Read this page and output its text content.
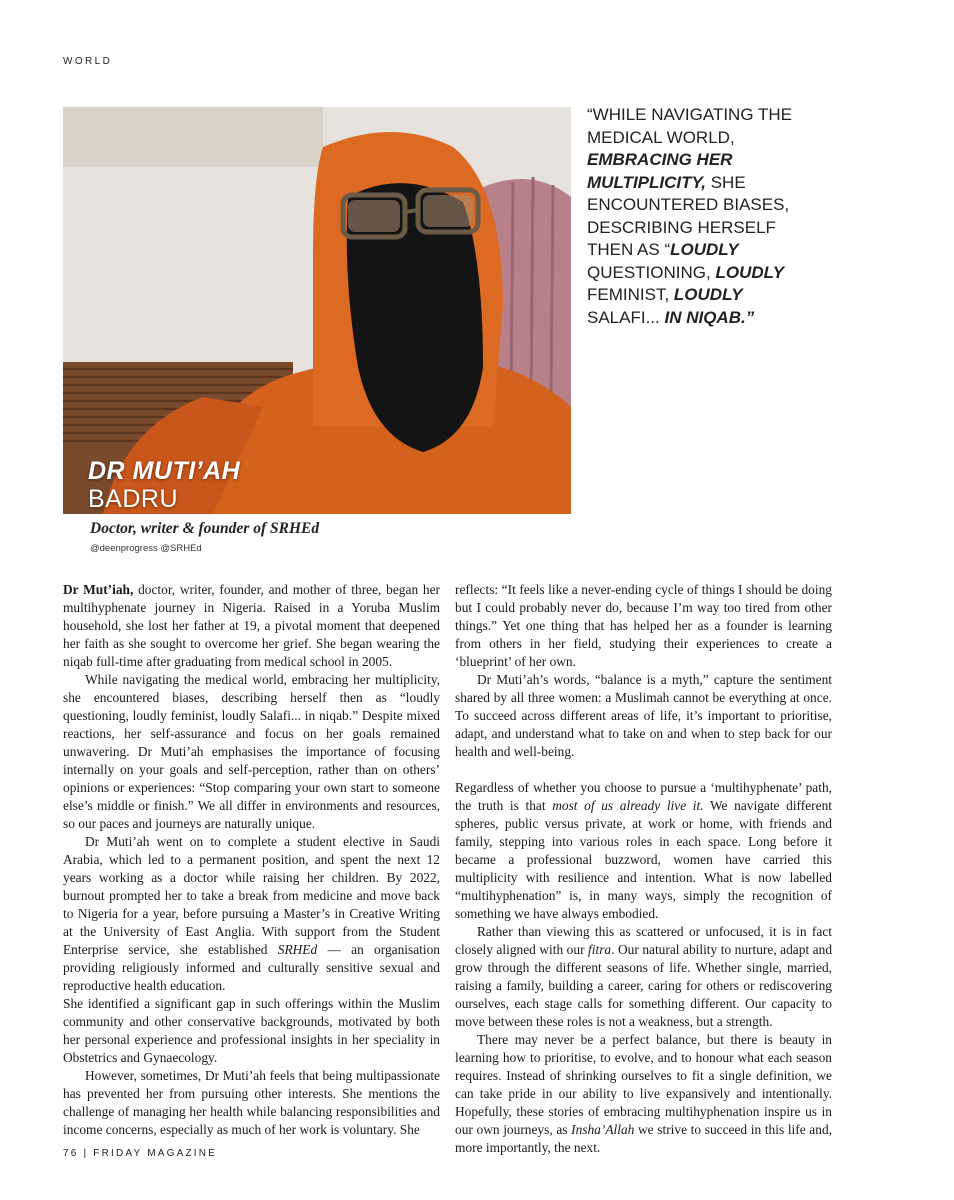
WORLD
DR MUTI’AH
BADRU
Doctor, writer & founder of SRHEd
@deenprogress @SRHEd
“WHILE NAVIGATING THE MEDICAL WORLD, EMBRACING HER MULTIPLICITY, SHE ENCOUNTERED BIASES, DESCRIBING HERSELF THEN AS “LOUDLY QUESTIONING, LOUDLY FEMINIST, LOUDLY SALAFI... IN NIQAB.”

Dr Mut’iah, doctor, writer, founder, and mother of three, began her multihyphenate journey in Nigeria. Raised in a Yoruba Muslim household, she lost her father at 19, a pivotal moment that deepened her faith as she sought to overcome her grief. She began wearing the niqab full-time after graduating from medical school in 2005.

While navigating the medical world, embracing her multiplicity, she encountered biases, describing herself then as “loudly questioning, loudly feminist, loudly Salafi... in niqab.” Despite mixed reactions, her self-assurance and focus on her goals remained unwavering. Dr Muti’ah emphasises the importance of focusing internally on your goals and self-perception, rather than on others’ opinions or experiences: “Stop comparing your own start to someone else’s middle or finish.” We all differ in environments and resources, so our paces and journeys are naturally unique.

Dr Muti’ah went on to complete a student elective in Saudi Arabia, which led to a permanent position, and spent the next 12 years working as a doctor while raising her children. By 2022, burnout prompted her to take a break from medicine and move back to Nigeria for a year, before pursuing a Master’s in Creative Writing at the University of East Anglia. With support from the Student Enterprise service, she established SRHEd — an organisation providing religiously informed and culturally sensitive sexual and reproductive health education.

She identified a significant gap in such offerings within the Muslim community and other conservative backgrounds, motivated by both her personal experience and professional insights in her speciality in Obstetrics and Gynaecology.

However, sometimes, Dr Muti’ah feels that being multipassionate has prevented her from pursuing other interests. She mentions the challenge of managing her health while balancing responsibilities and income concerns, especially as much of her work is voluntary. She

reflects: “It feels like a never-ending cycle of things I should be doing but I could probably never do, because I’m way too tired from other things.” Yet one thing that has helped her as a founder is learning from others in her field, studying their experiences to create a ‘blueprint’ of her own.

Dr Muti’ah’s words, “balance is a myth,” capture the sentiment shared by all three women: a Muslimah cannot be everything at once. To succeed across different areas of life, it’s important to prioritise, adapt, and understand what to take on and when to step back for our health and well-being.

Regardless of whether you choose to pursue a ‘multihyphenate’ path, the truth is that most of us already live it. We navigate different spheres, public versus private, at work or home, with friends and family, stepping into various roles in each space. Long before it became a professional buzzword, women have carried this multiplicity with resilience and intention. What is now labelled “multihyphenation” is, in many ways, simply the recognition of something we have always embodied.

Rather than viewing this as scattered or unfocused, it is in fact closely aligned with our fitra. Our natural ability to nurture, adapt and grow through the different seasons of life. Whether single, married, raising a family, building a career, caring for others or rediscovering ourselves, each stage calls for something different. Our capacity to move between these roles is not a weakness, but a strength.

There may never be a perfect balance, but there is beauty in learning how to prioritise, to evolve, and to honour what each season requires. Instead of shrinking ourselves to fit a single definition, we can take pride in our ability to live expansively and intentionally. Hopefully, these stories of embracing multihyphenation inspire us in our own journeys, as Insha’Allah we strive to succeed in this life and, more importantly, the next.

76 | FRIDAY MAGAZINE
